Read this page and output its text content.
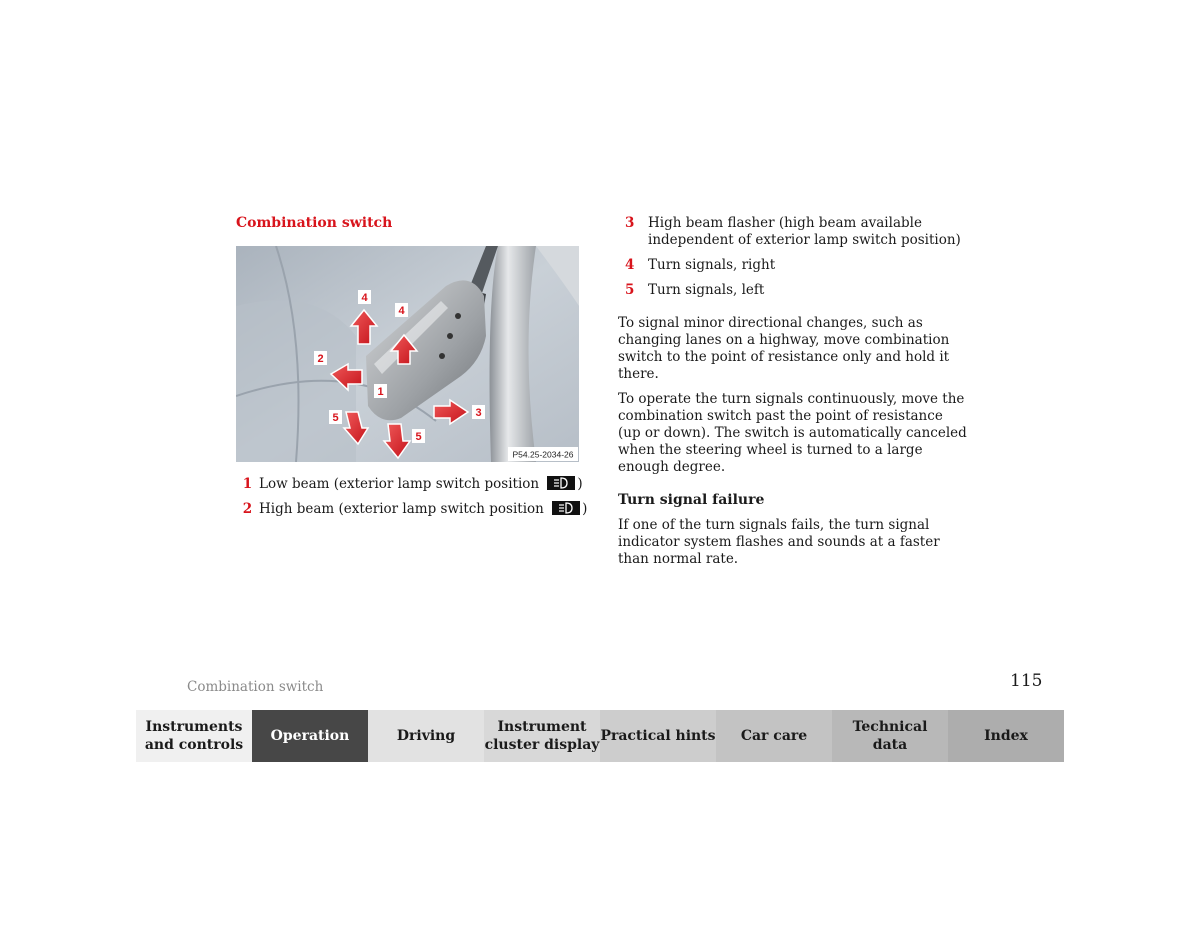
Combination switch
4
4
2
1
3
5
5
P54.25-2034-26
1 Low beam (exterior lamp switch position	)
2 High beam (exterior lamp switch position	)
3	High beam flasher (high beam available independent of exterior lamp switch position)
4	Turn signals, right
5	Turn signals, left

To signal minor directional changes, such as changing lanes on a highway, move combination switch to the point of resistance only and hold it there.

To operate the turn signals continuously, move the combination switch past the point of resistance (up or down). The switch is automatically canceled when the steering wheel is turned to a large enough degree.

Turn signal failure

If one of the turn signals fails, the turn signal indicator system flashes and sounds at a faster than normal rate.

Combination switch	115
Instruments
and controls
Operation	Driving
Instrument
cluster display
Practical hints Car care
Technical
data
Index
